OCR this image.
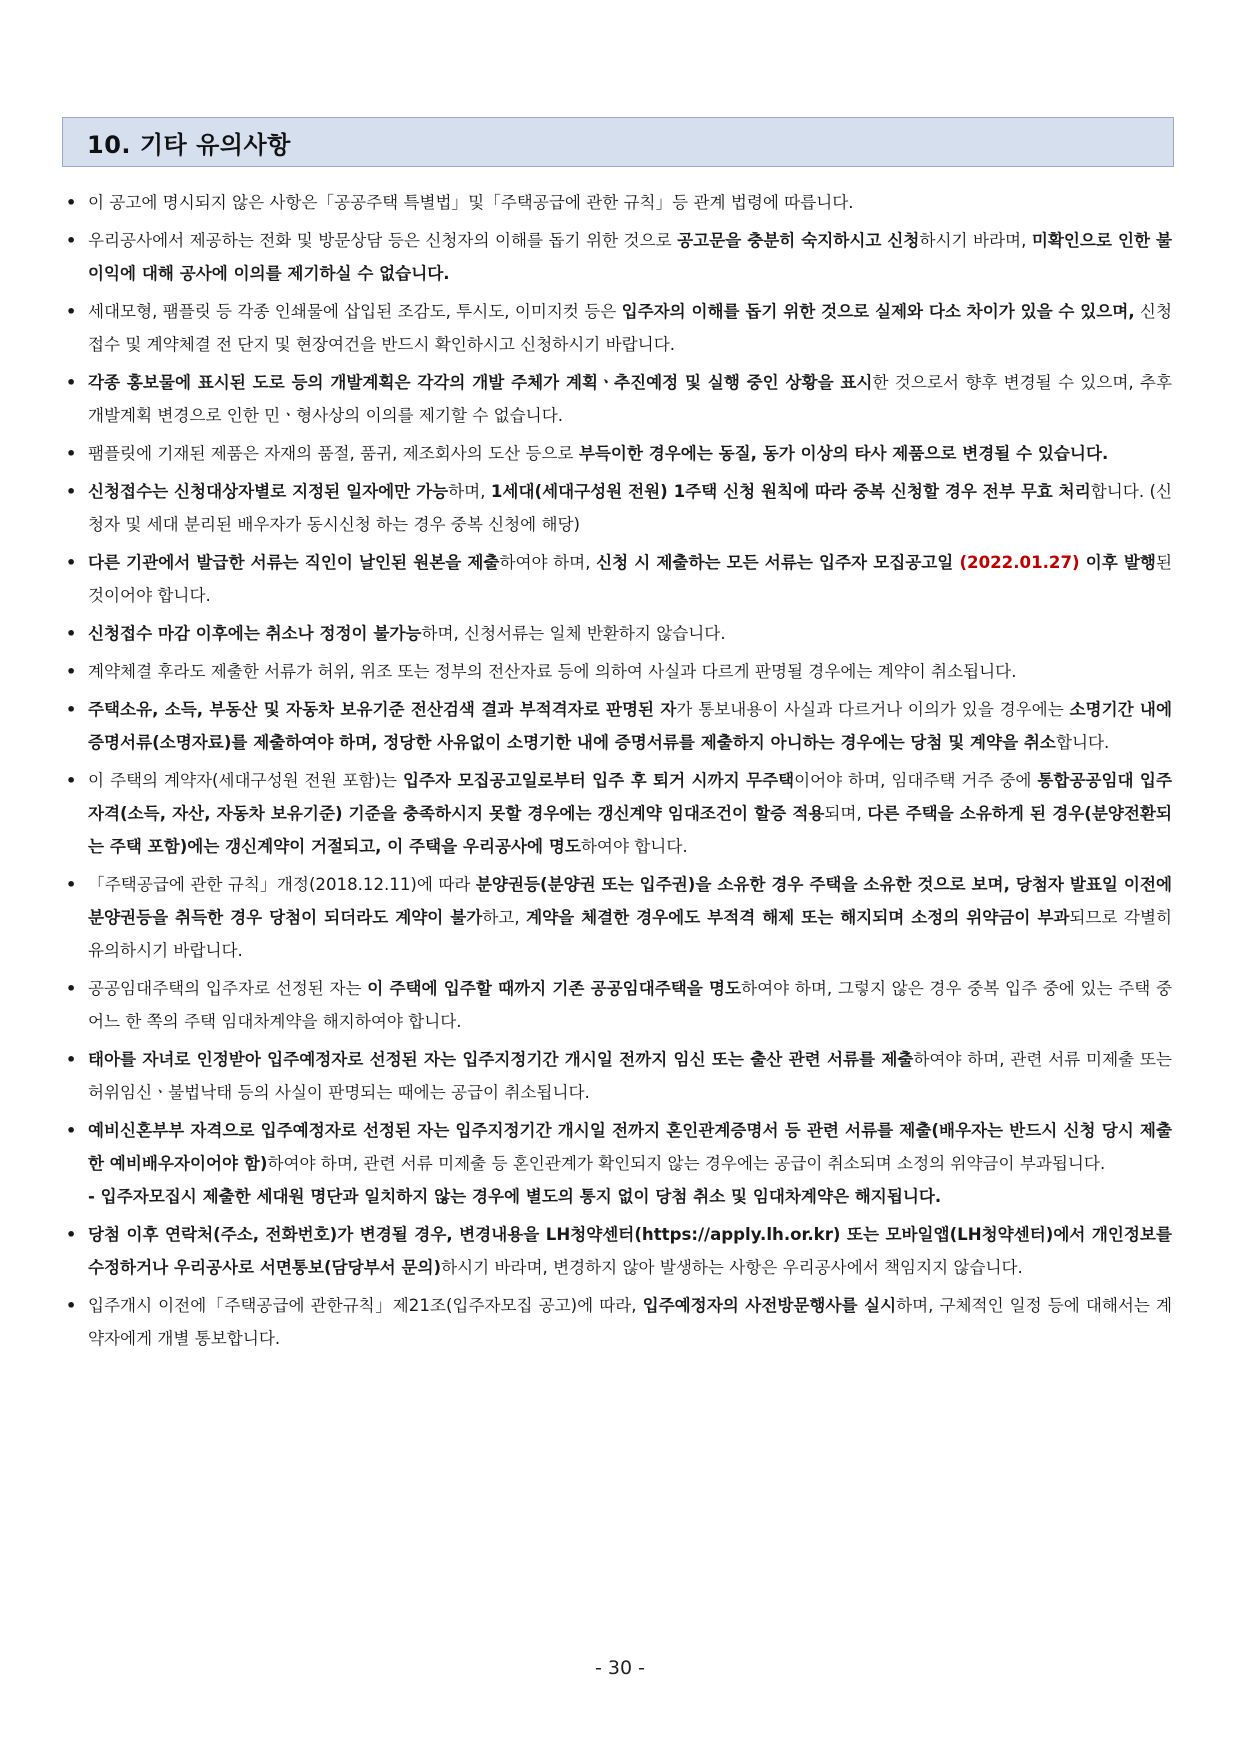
10. 기타 유의사항
• 이 공고에 명시되지 않은 사항은「공공주택 특별법」및「주택공급에 관한 규칙」등 관계 법령에 따릅니다.
• 우리공사에서 제공하는 전화 및 방문상담 등은 신청자의 이해를 돕기 위한 것으로 공고문을 충분히 숙지하시고 신청하시기 바라며, 미확인으로 인한 불이익에 대해 공사에 이의를 제기하실 수 없습니다.
• 세대모형, 팸플릿 등 각종 인쇄물에 삽입된 조감도, 투시도, 이미지컷 등은 입주자의 이해를 돕기 위한 것으로 실제와 다소 차이가 있을 수 있으며, 신청접수 및 계약체결 전 단지 및 현장여건을 반드시 확인하시고 신청하시기 바랍니다.
• 각종 홍보물에 표시된 도로 등의 개발계획은 각각의 개발 주체가 계획ㆍ추진예정 및 실행 중인 상황을 표시한 것으로서 향후 변경될 수 있으며, 추후 개발계획 변경으로 인한 민ㆍ형사상의 이의를 제기할 수 없습니다.
• 팸플릿에 기재된 제품은 자재의 품절, 품귀, 제조회사의 도산 등으로 부득이한 경우에는 동질, 동가 이상의 타사 제품으로 변경될 수 있습니다.
• 신청접수는 신청대상자별로 지정된 일자에만 가능하며, 1세대(세대구성원 전원) 1주택 신청 원칙에 따라 중복 신청할 경우 전부 무효 처리합니다. (신청자 및 세대 분리된 배우자가 동시신청 하는 경우 중복 신청에 해당)
• 다른 기관에서 발급한 서류는 직인이 날인된 원본을 제출하여야 하며, 신청 시 제출하는 모든 서류는 입주자 모집공고일 (2022.01.27) 이후 발행된 것이어야 합니다.
• 신청접수 마감 이후에는 취소나 정정이 불가능하며, 신청서류는 일체 반환하지 않습니다.
• 계약체결 후라도 제출한 서류가 허위, 위조 또는 정부의 전산자료 등에 의하여 사실과 다르게 판명될 경우에는 계약이 취소됩니다.
• 주택소유, 소득, 부동산 및 자동차 보유기준 전산검색 결과 부적격자로 판명된 자가 통보내용이 사실과 다르거나 이의가 있을 경우에는 소명기간 내에 증명서류(소명자료)를 제출하여야 하며, 정당한 사유없이 소명기한 내에 증명서류를 제출하지 아니하는 경우에는 당첨 및 계약을 취소합니다.
• 이 주택의 계약자(세대구성원 전원 포함)는 입주자 모집공고일로부터 입주 후 퇴거 시까지 무주택이어야 하며, 임대주택 거주 중에 통합공공임대 입주자격(소득, 자산, 자동차 보유기준) 기준을 충족하시지 못할 경우에는 갱신계약 임대조건이 할증 적용되며, 다른 주택을 소유하게 된 경우(분양전환되는 주택 포함)에는 갱신계약이 거절되고, 이 주택을 우리공사에 명도하여야 합니다.
• 「주택공급에 관한 규칙」개정(2018.12.11)에 따라 분양권등(분양권 또는 입주권)을 소유한 경우 주택을 소유한 것으로 보며, 당첨자 발표일 이전에 분양권등을 취득한 경우 당첨이 되더라도 계약이 불가하고, 계약을 체결한 경우에도 부적격 해제 또는 해지되며 소정의 위약금이 부과되므로 각별히 유의하시기 바랍니다.
• 공공임대주택의 입주자로 선정된 자는 이 주택에 입주할 때까지 기존 공공임대주택을 명도하여야 하며, 그렇지 않은 경우 중복 입주 중에 있는 주택 중 어느 한 쪽의 주택 임대차계약을 해지하여야 합니다.
• 태아를 자녀로 인정받아 입주예정자로 선정된 자는 입주지정기간 개시일 전까지 임신 또는 출산 관련 서류를 제출하여야 하며, 관련 서류 미제출 또는 허위임신ㆍ불법낙태 등의 사실이 판명되는 때에는 공급이 취소됩니다.
• 예비신혼부부 자격으로 입주예정자로 선정된 자는 입주지정기간 개시일 전까지 혼인관계증명서 등 관련 서류를 제출(배우자는 반드시 신청 당시 제출한 예비배우자이어야 함)하여야 하며, 관련 서류 미제출 등 혼인관계가 확인되지 않는 경우에는 공급이 취소되며 소정의 위약금이 부과됩니다.
- 입주자모집시 제출한 세대원 명단과 일치하지 않는 경우에 별도의 통지 없이 당첨 취소 및 임대차계약은 해지됩니다.
• 당첨 이후 연락처(주소, 전화번호)가 변경될 경우, 변경내용을 LH청약센터(https://apply.lh.or.kr) 또는 모바일앱(LH청약센터)에서 개인정보를 수정하거나 우리공사로 서면통보(담당부서 문의)하시기 바라며, 변경하지 않아 발생하는 사항은 우리공사에서 책임지지 않습니다.
• 입주개시 이전에「주택공급에 관한규칙」제21조(입주자모집 공고)에 따라, 입주예정자의 사전방문행사를 실시하며, 구체적인 일정 등에 대해서는 계약자에게 개별 통보합니다.
- 30 -
